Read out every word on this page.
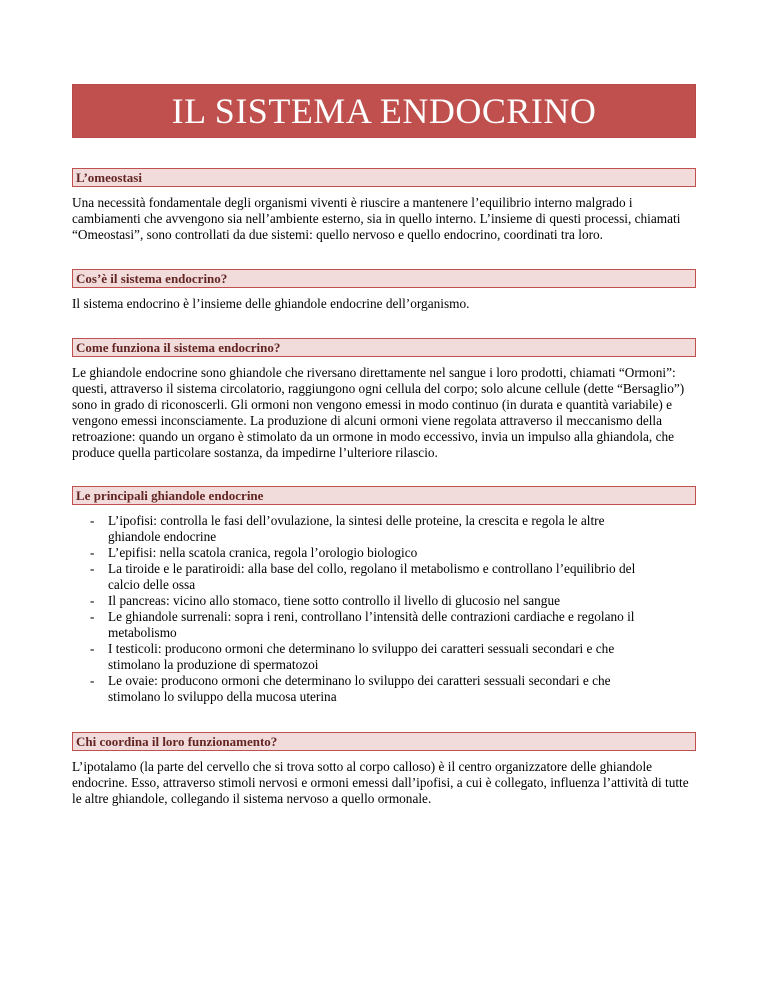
IL SISTEMA ENDOCRINO
L’omeostasi

Una necessità fondamentale degli organismi viventi è riuscire a mantenere l’equilibrio interno malgrado i cambiamenti che avvengono sia nell’ambiente esterno, sia in quello interno. L’insieme di questi processi, chiamati “Omeostasi”, sono controllati da due sistemi: quello nervoso e quello endocrino, coordinati tra loro.

Cos’è il sistema endocrino?

Il sistema endocrino è l’insieme delle ghiandole endocrine dell’organismo.

Come funziona il sistema endocrino?

Le ghiandole endocrine sono ghiandole che riversano direttamente nel sangue i loro prodotti, chiamati “Ormoni”: questi, attraverso il sistema circolatorio, raggiungono ogni cellula del corpo; solo alcune cellule (dette “Bersaglio”) sono in grado di riconoscerli. Gli ormoni non vengono emessi in modo continuo (in durata e quantità variabile) e vengono emessi inconsciamente. La produzione di alcuni ormoni viene regolata attraverso il meccanismo della retroazione: quando un organo è stimolato da un ormone in modo eccessivo, invia un impulso alla ghiandola, che produce quella particolare sostanza, da impedirne l’ulteriore rilascio.

Le principali ghiandole endocrine
- L’ipofisi: controlla le fasi dell’ovulazione, la sintesi delle proteine, la crescita e regola le altre ghiandole endocrine
- L’epifisi: nella scatola cranica, regola l’orologio biologico
- La tiroide e le paratiroidi: alla base del collo, regolano il metabolismo e controllano l’equilibrio del calcio delle ossa
- Il pancreas: vicino allo stomaco, tiene sotto controllo il livello di glucosio nel sangue
- Le ghiandole surrenali: sopra i reni, controllano l’intensità delle contrazioni cardiache e regolano il metabolismo
- I testicoli: producono ormoni che determinano lo sviluppo dei caratteri sessuali secondari e che stimolano la produzione di spermatozoi
- Le ovaie: producono ormoni che determinano lo sviluppo dei caratteri sessuali secondari e che stimolano lo sviluppo della mucosa uterina
Chi coordina il loro funzionamento?

L’ipotalamo (la parte del cervello che si trova sotto al corpo calloso) è il centro organizzatore delle ghiandole endocrine. Esso, attraverso stimoli nervosi e ormoni emessi dall’ipofisi, a cui è collegato, influenza l’attività di tutte le altre ghiandole, collegando il sistema nervoso a quello ormonale.
